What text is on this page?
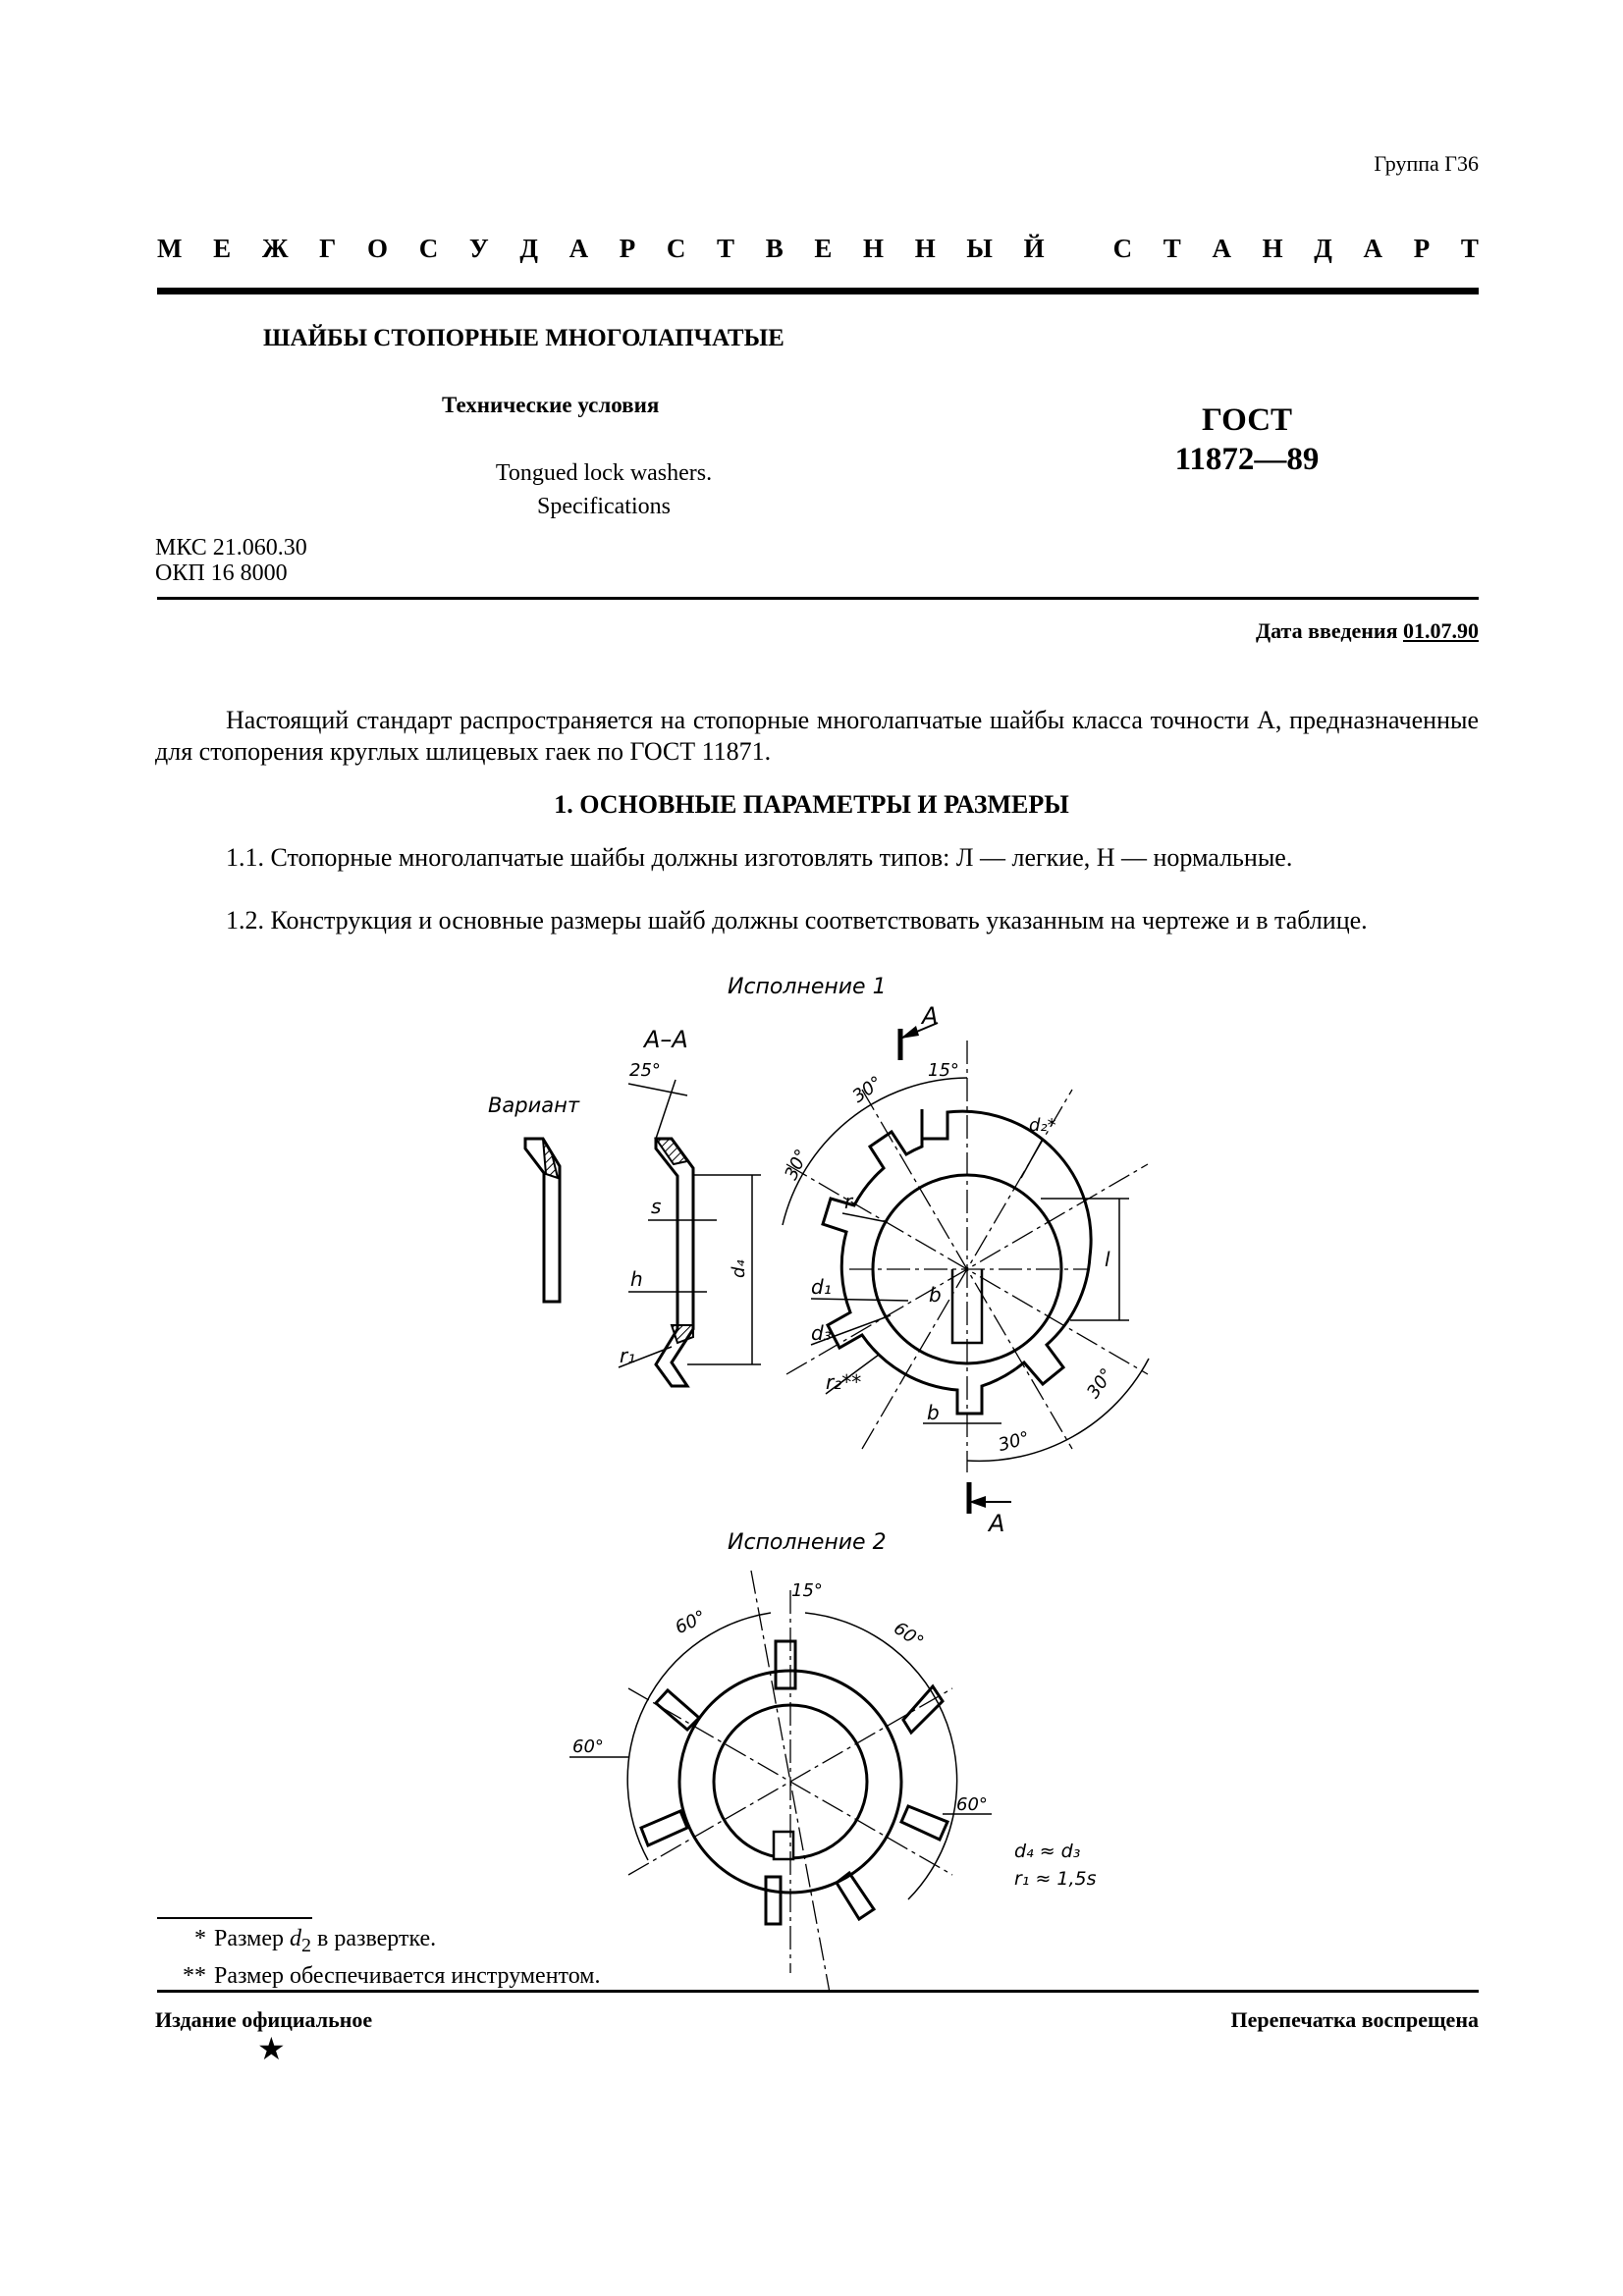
Группа Г36
М Е Ж Г О С У Д А Р С Т В Е Н Н Ы Й
	С Т А Н Д А Р Т
ШАЙБЫ СТОПОРНЫЕ МНОГОЛАПЧАТЫЕ
Технические условия
Tongued lock washers.
Specifications
ГОСТ
11872—89
МКС 21.060.30
ОКП 16 8000
Дата введения 01.07.90
Настоящий стандарт распространяется на стопорные многолапчатые шайбы класса точности А, предназначенные для стопорения круглых шлицевых гаек по ГОСТ 11871.
1. ОСНОВНЫЕ ПАРАМЕТРЫ И РАЗМЕРЫ
1.1. Стопорные многолапчатые шайбы должны изготовлять типов: Л — легкие, Н — нормальные.
1.2. Конструкция и основные размеры шайб должны соответствовать указанным на чертеже и в таблице.
Исполнение 1
Вариант
А–А
25°
d₄
s
h
r₁
15°
30°
30°
30°
30°
d₂*
l
r
d₁	b
d₃
r₂**
b
А
А
Исполнение 2
15°
60°	60°
60°
60°
d₄ ≈ d₃
r₁ ≈ 1,5s
* Размер $d_2$ в развертке.
** Размер обеспечивается инструментом.
Издание официальное
★
Перепечатка воспрещена
